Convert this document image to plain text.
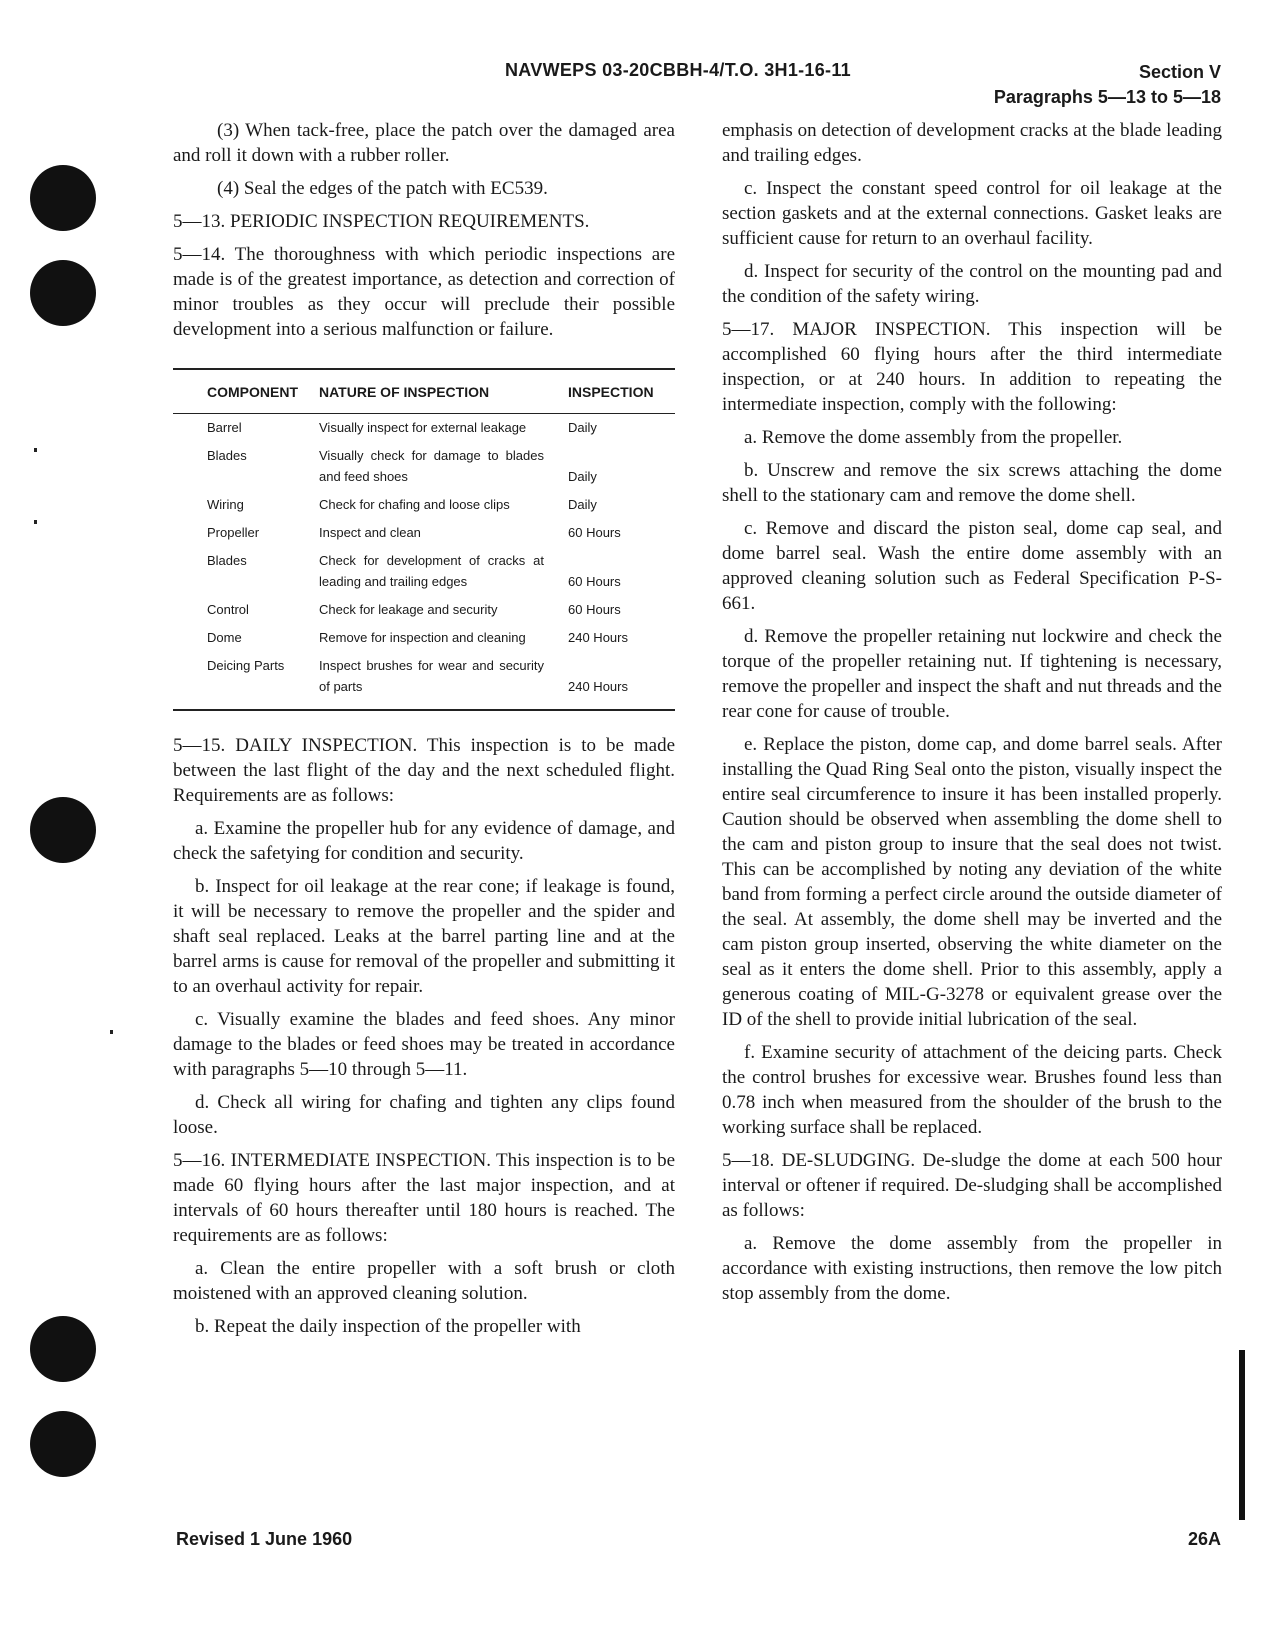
NAVWEPS 03-20CBBH-4/T.O. 3H1-16-11	Section V
Paragraphs 5—13 to 5—18

(3) When tack-free, place the patch over the damaged area and roll it down with a rubber roller.

(4) Seal the edges of the patch with EC539.

5—13. PERIODIC INSPECTION REQUIREMENTS.

5—14. The thoroughness with which periodic inspections are made is of the greatest importance, as detection and correction of minor troubles as they occur will preclude their possible development into a serious malfunction or failure.

COMPONENT	NATURE OF INSPECTION	INSPECTION
Barrel	Visually inspect for external leakage	Daily
Blades	Visually check for damage to blades and feed shoes	Daily
Wiring	Check for chafing and loose clips	Daily
Propeller	Inspect and clean	60 Hours
Blades	Check for development of cracks at leading and trailing edges	60 Hours
Control	Check for leakage and security	60 Hours
Dome	Remove for inspection and cleaning	240 Hours
Deicing Parts	Inspect brushes for wear and security of parts	240 Hours

5—15. DAILY INSPECTION. This inspection is to be made between the last flight of the day and the next scheduled flight. Requirements are as follows:

a. Examine the propeller hub for any evidence of damage, and check the safetying for condition and security.

b. Inspect for oil leakage at the rear cone; if leakage is found, it will be necessary to remove the propeller and the spider and shaft seal replaced. Leaks at the barrel parting line and at the barrel arms is cause for removal of the propeller and submitting it to an overhaul activity for repair.

c. Visually examine the blades and feed shoes. Any minor damage to the blades or feed shoes may be treated in accordance with paragraphs 5—10 through 5—11.

d. Check all wiring for chafing and tighten any clips found loose.

5—16. INTERMEDIATE INSPECTION. This inspection is to be made 60 flying hours after the last major inspection, and at intervals of 60 hours thereafter until 180 hours is reached. The requirements are as follows:

a. Clean the entire propeller with a soft brush or cloth moistened with an approved cleaning solution.

b. Repeat the daily inspection of the propeller with

emphasis on detection of development cracks at the blade leading and trailing edges.

c. Inspect the constant speed control for oil leakage at the section gaskets and at the external connections. Gasket leaks are sufficient cause for return to an overhaul facility.

d. Inspect for security of the control on the mounting pad and the condition of the safety wiring.

5—17. MAJOR INSPECTION. This inspection will be accomplished 60 flying hours after the third intermediate inspection, or at 240 hours. In addition to repeating the intermediate inspection, comply with the following:

a. Remove the dome assembly from the propeller.

b. Unscrew and remove the six screws attaching the dome shell to the stationary cam and remove the dome shell.

c. Remove and discard the piston seal, dome cap seal, and dome barrel seal. Wash the entire dome assembly with an approved cleaning solution such as Federal Specification P-S-661.

d. Remove the propeller retaining nut lockwire and check the torque of the propeller retaining nut. If tightening is necessary, remove the propeller and inspect the shaft and nut threads and the rear cone for cause of trouble.

e. Replace the piston, dome cap, and dome barrel seals. After installing the Quad Ring Seal onto the piston, visually inspect the entire seal circumference to insure it has been installed properly. Caution should be observed when assembling the dome shell to the cam and piston group to insure that the seal does not twist. This can be accomplished by noting any deviation of the white band from forming a perfect circle around the outside diameter of the seal. At assembly, the dome shell may be inverted and the cam piston group inserted, observing the white diameter on the seal as it enters the dome shell. Prior to this assembly, apply a generous coating of MIL-G-3278 or equivalent grease over the ID of the shell to provide initial lubrication of the seal.

f. Examine security of attachment of the deicing parts. Check the control brushes for excessive wear. Brushes found less than 0.78 inch when measured from the shoulder of the brush to the working surface shall be replaced.

5—18. DE-SLUDGING. De-sludge the dome at each 500 hour interval or oftener if required. De-sludging shall be accomplished as follows:

a. Remove the dome assembly from the propeller in accordance with existing instructions, then remove the low pitch stop assembly from the dome.

Revised 1 June 1960	26A
